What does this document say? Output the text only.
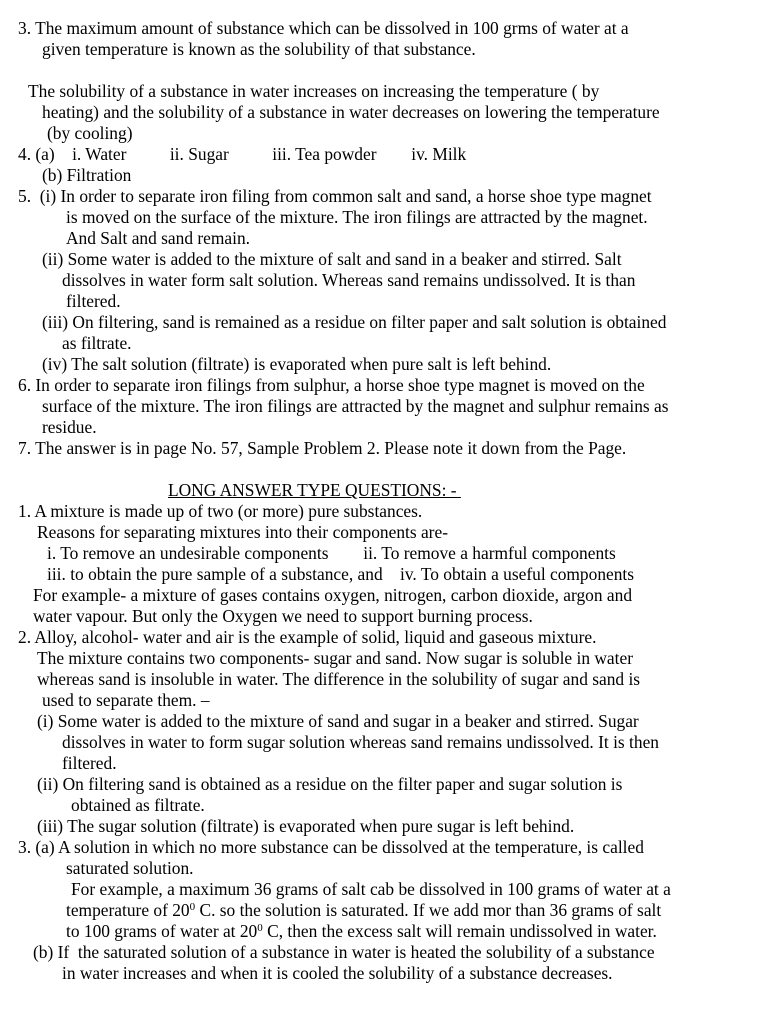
3. The maximum amount of substance which can be dissolved in 100 grms of water at a
given temperature is known as the solubility of that substance.
The solubility of a substance in water increases on increasing the temperature ( by
heating) and the solubility of a substance in water decreases on lowering the temperature
(by cooling)
4. (a)    i. Water          ii. Sugar          iii. Tea powder        iv. Milk
(b) Filtration
5.  (i) In order to separate iron filing from common salt and sand, a horse shoe type magnet
is moved on the surface of the mixture. The iron filings are attracted by the magnet.
And Salt and sand remain.
(ii) Some water is added to the mixture of salt and sand in a beaker and stirred. Salt
dissolves in water form salt solution. Whereas sand remains undissolved. It is than
filtered.
(iii) On filtering, sand is remained as a residue on filter paper and salt solution is obtained
as filtrate.
(iv) The salt solution (filtrate) is evaporated when pure salt is left behind.
6. In order to separate iron filings from sulphur, a horse shoe type magnet is moved on the
surface of the mixture. The iron filings are attracted by the magnet and sulphur remains as
residue.
7. The answer is in page No. 57, Sample Problem 2. Please note it down from the Page.
LONG ANSWER TYPE QUESTIONS: -
1. A mixture is made up of two (or more) pure substances.
Reasons for separating mixtures into their components are-
i. To remove an undesirable components        ii. To remove a harmful components
iii. to obtain the pure sample of a substance, and    iv. To obtain a useful components
For example- a mixture of gases contains oxygen, nitrogen, carbon dioxide, argon and
water vapour. But only the Oxygen we need to support burning process.
2. Alloy, alcohol- water and air is the example of solid, liquid and gaseous mixture.
The mixture contains two components- sugar and sand. Now sugar is soluble in water
whereas sand is insoluble in water. The difference in the solubility of sugar and sand is
used to separate them. –
(i) Some water is added to the mixture of sand and sugar in a beaker and stirred. Sugar
dissolves in water to form sugar solution whereas sand remains undissolved. It is then
filtered.
(ii) On filtering sand is obtained as a residue on the filter paper and sugar solution is
obtained as filtrate.
(iii) The sugar solution (filtrate) is evaporated when pure sugar is left behind.
3. (a) A solution in which no more substance can be dissolved at the temperature, is called
saturated solution.
For example, a maximum 36 grams of salt cab be dissolved in 100 grams of water at a
temperature of $20^0$ C. so the solution is saturated. If we add mor than 36 grams of salt
to 100 grams of water at $20^0$ C, then the excess salt will remain undissolved in water.
(b) If  the saturated solution of a substance in water is heated the solubility of a substance
in water increases and when it is cooled the solubility of a substance decreases.
